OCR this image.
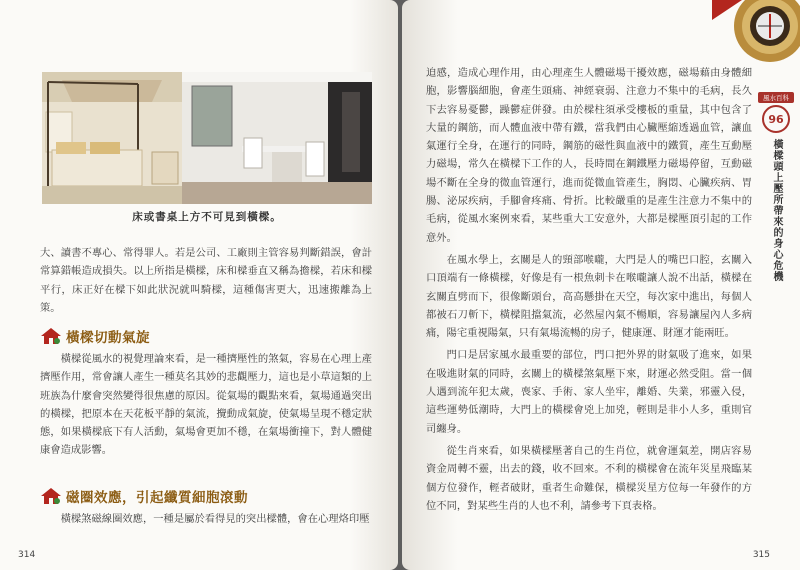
床或書桌上方不可見到橫樑。

大、讀書不專心、常得罪人。若是公司、工廠則主管容易判斷錯誤，會計常算錯帳造成損失。以上所指是橫樑，床和樑垂直又稱為擔樑，若床和樑平行，床正好在樑下如此狀況就叫騎樑，這種傷害更大，迅速搬離為上策。

橫樑切動氣旋

橫樑從風水的視覺理論來看，是一種擠壓性的煞氣，容易在心理上產擠壓作用，常會讓人產生一種莫名其妙的悲觀壓力，這也是小草這類的上班族為什麼會突然變得很焦慮的原因。從氣場的觀點來看，氣場通過突出的橫樑，把原本在天花板平靜的氣流，攪動成氣旋，使氣場呈現不穩定狀態，如果橫樑底下有人活動，氣場會更加不穩，在氣場衝撞下，對人體健康會造成影響。

磁圈效應，引起纖質細胞滾動

橫樑煞磁線圈效應，一種是屬於看得見的突出樑體，會在心理烙印壓

314

迫感，造成心理作用，由心理產生人體磁場干擾效應，磁場藉由身體細胞，影響腦細胞，會產生頭痛、神經衰弱、注意力不集中的毛病，長久下去容易憂鬱，躁鬱症併發。由於樑柱須承受樓板的重量，其中包含了大量的鋼筋，而人體血液中帶有鐵，當我們由心臟壓縮透過血管，讓血氣運行全身，在運行的同時，鋼筋的磁性與血液中的鐵質，產生互動壓力磁場，常久在橫樑下工作的人，長時間在鋼鐵壓力磁場停留，互動磁場不斷在全身的微血管運行，進而從微血管產生，胸悶、心臟疾病、胃腸、泌尿疾病，手腳會疼痛、骨折。比較嚴重的是產生注意力不集中的毛病，從風水案例來看，某些重大工安意外，大都是樑壓頂引起的工作意外。

在風水學上，玄關是人的頸部喉嚨，大門是人的嘴巴口腔，玄關入口頂端有一條橫樑，好像是有一根魚刺卡在喉嚨讓人說不出話，橫樑在玄關直劈而下，很像斷頭台，高高懸掛在天空，每次家中進出，每個人都被石刀斬下，橫樑阻擋氣流，必然屋內氣不暢順，容易讓屋內人多病痛，陽宅重視陽氣，只有氣場流暢的房子，健康運、財運才能兩旺。

門口是居家風水最重要的部位，門口把外界的財氣吸了進來，如果在吸進財氣的同時，玄關上的橫樑煞氣壓下來，財運必然受阻。當一個人遇到流年犯太歲，喪家、手術、家人坐牢，離婚、失業，邪靈入侵，這些運勢低潮時，大門上的橫樑會兇上加兇，輕則是非小人多，重則官司纏身。

從生肖來看，如果橫樑壓著自己的生肖位，就會運氣差，開店容易資金周轉不靈，出去的錢，收不回來。不利的橫樑會在流年災星飛臨某個方位發作，輕者破財，重者生命難保，橫樑災星方位每一年發作的方位不同，對某些生肖的人也不利，請參考下頁表格。

315
風水百科
96
橫樑頭上壓所帶來的身心危機
